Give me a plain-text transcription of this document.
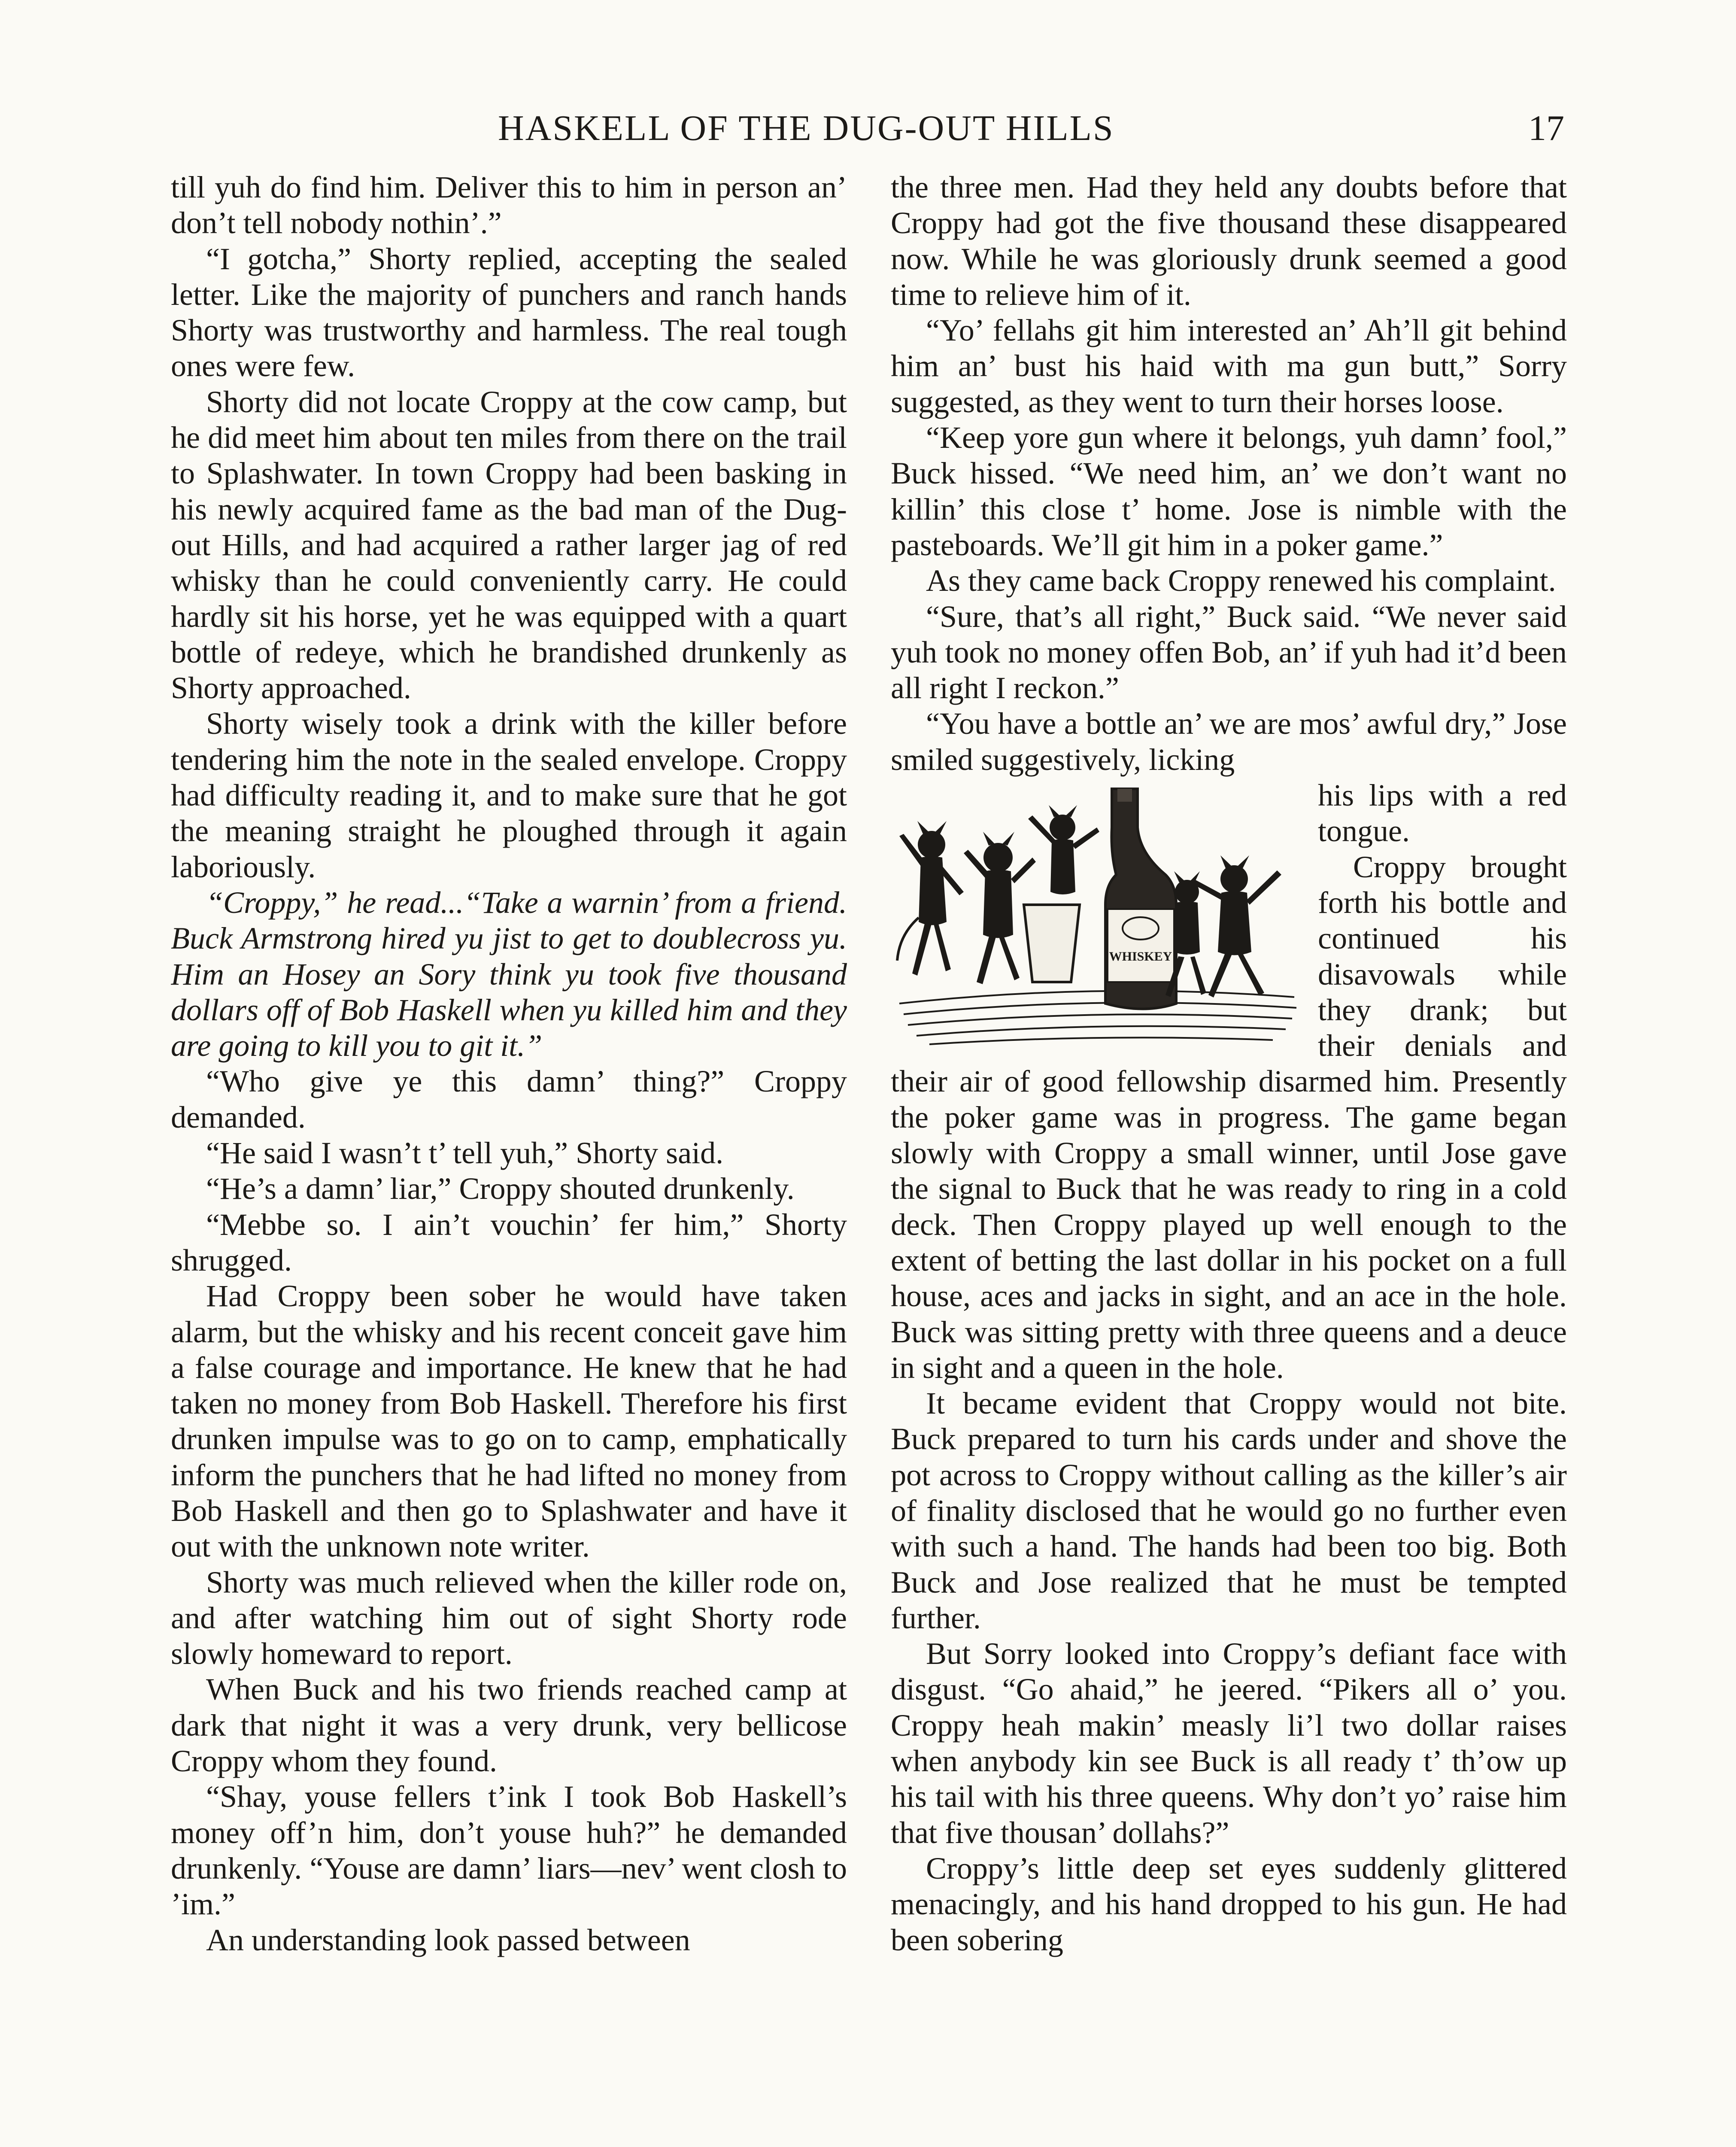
HASKELL OF THE DUG-OUT HILLS	17

till yuh do find him. Deliver this to him in person an’ don’t tell nobody nothin’.”

“I gotcha,” Shorty replied, accepting the sealed letter. Like the majority of punchers and ranch hands Shorty was trustworthy and harmless. The real tough ones were few.

Shorty did not locate Croppy at the cow camp, but he did meet him about ten miles from there on the trail to Splashwater. In town Croppy had been basking in his newly acquired fame as the bad man of the Dug-out Hills, and had acquired a rather larger jag of red whisky than he could conveniently carry. He could hardly sit his horse, yet he was equipped with a quart bottle of redeye, which he brandished drunkenly as Shorty approached.

Shorty wisely took a drink with the killer before tendering him the note in the sealed envelope. Croppy had difficulty reading it, and to make sure that he got the meaning straight he ploughed through it again laboriously.

“Croppy,” he read...“Take a warnin’ from a friend. Buck Armstrong hired yu jist to get to doublecross yu. Him an Hosey an Sory think yu took five thousand dollars off of Bob Haskell when yu killed him and they are going to kill you to git it.”

“Who give ye this damn’ thing?” Croppy demanded.

“He said I wasn’t t’ tell yuh,” Shorty said.

“He’s a damn’ liar,” Croppy shouted drunkenly.

“Mebbe so. I ain’t vouchin’ fer him,” Shorty shrugged.

Had Croppy been sober he would have taken alarm, but the whisky and his recent conceit gave him a false courage and importance. He knew that he had taken no money from Bob Haskell. Therefore his first drunken impulse was to go on to camp, emphatically inform the punchers that he had lifted no money from Bob Haskell and then go to Splashwater and have it out with the unknown note writer.

Shorty was much relieved when the killer rode on, and after watching him out of sight Shorty rode slowly homeward to report.

When Buck and his two friends reached camp at dark that night it was a very drunk, very bellicose Croppy whom they found.

“Shay, youse fellers t’ink I took Bob Haskell’s money off’n him, don’t youse huh?” he demanded drunkenly. “Youse are damn’ liars—nev’ went closh to ’im.”

An understanding look passed between

the three men. Had they held any doubts before that Croppy had got the five thousand these disappeared now. While he was gloriously drunk seemed a good time to relieve him of it.

“Yo’ fellahs git him interested an’ Ah’ll git behind him an’ bust his haid with ma gun butt,” Sorry suggested, as they went to turn their horses loose.

“Keep yore gun where it belongs, yuh damn’ fool,” Buck hissed. “We need him, an’ we don’t want no killin’ this close t’ home. Jose is nimble with the pasteboards. We’ll git him in a poker game.”

As they came back Croppy renewed his complaint.

“Sure, that’s all right,” Buck said. “We never said yuh took no money offen Bob, an’ if yuh had it’d been all right I reckon.”

“You have a bottle an’ we are mos’ awful dry,” Jose smiled suggestively, licking

WHISKEY

his lips with a red tongue.

Croppy brought forth his bottle and continued his disavowals while they drank; but their denials and their air of good fellowship disarmed him. Presently the poker game was in progress. The game began slowly with Croppy a small winner, until Jose gave the signal to Buck that he was ready to ring in a cold deck. Then Croppy played up well enough to the extent of betting the last dollar in his pocket on a full house, aces and jacks in sight, and an ace in the hole. Buck was sitting pretty with three queens and a deuce in sight and a queen in the hole.

It became evident that Croppy would not bite. Buck prepared to turn his cards under and shove the pot across to Croppy without calling as the killer’s air of finality disclosed that he would go no further even with such a hand. The hands had been too big. Both Buck and Jose realized that he must be tempted further.

But Sorry looked into Croppy’s defiant face with disgust. “Go ahaid,” he jeered. “Pikers all o’ you. Croppy heah makin’ measly li’l two dollar raises when anybody kin see Buck is all ready t’ th’ow up his tail with his three queens. Why don’t yo’ raise him that five thousan’ dollahs?”

Croppy’s little deep set eyes suddenly glittered menacingly, and his hand dropped to his gun. He had been sobering
